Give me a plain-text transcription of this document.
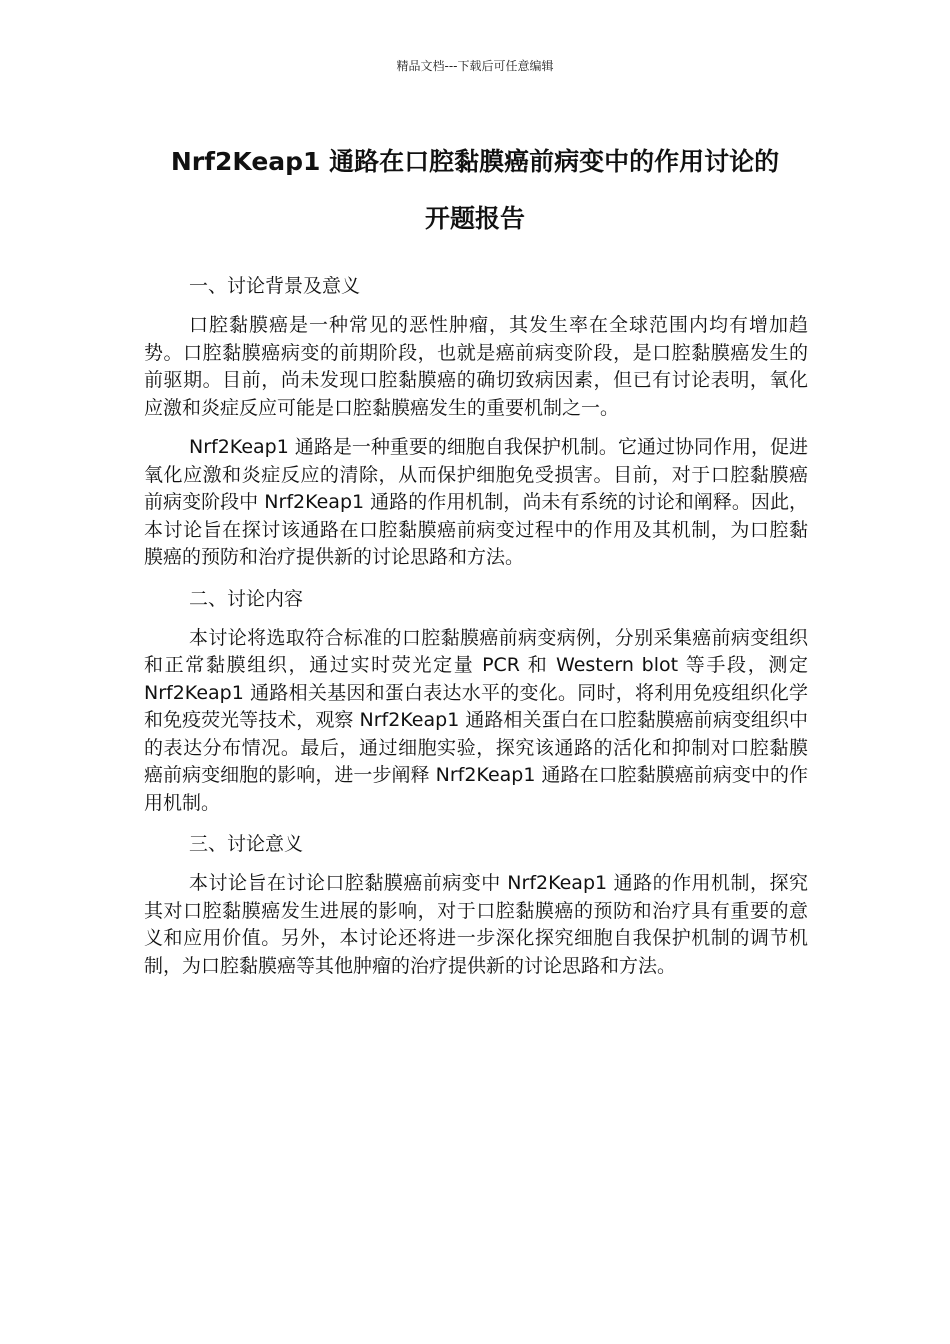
精品文档---下载后可任意编辑
Nrf2Keap1 通路在口腔黏膜癌前病变中的作用讨论的
开题报告

一、讨论背景及意义

口腔黏膜癌是一种常见的恶性肿瘤，其发生率在全球范围内均有增加趋势。口腔黏膜癌病变的前期阶段，也就是癌前病变阶段，是口腔黏膜癌发生的前驱期。目前，尚未发现口腔黏膜癌的确切致病因素，但已有讨论表明，氧化应激和炎症反应可能是口腔黏膜癌发生的重要机制之一。

Nrf2Keap1 通路是一种重要的细胞自我保护机制。它通过协同作用，促进氧化应激和炎症反应的清除，从而保护细胞免受损害。目前，对于口腔黏膜癌前病变阶段中 Nrf2Keap1 通路的作用机制，尚未有系统的讨论和阐释。因此，本讨论旨在探讨该通路在口腔黏膜癌前病变过程中的作用及其机制，为口腔黏膜癌的预防和治疗提供新的讨论思路和方法。

二、讨论内容

本讨论将选取符合标准的口腔黏膜癌前病变病例，分别采集癌前病变组织和正常黏膜组织，通过实时荧光定量 PCR 和 Western blot 等手段，测定 Nrf2Keap1 通路相关基因和蛋白表达水平的变化。同时，将利用免疫组织化学和免疫荧光等技术，观察 Nrf2Keap1 通路相关蛋白在口腔黏膜癌前病变组织中的表达分布情况。最后，通过细胞实验，探究该通路的活化和抑制对口腔黏膜癌前病变细胞的影响，进一步阐释 Nrf2Keap1 通路在口腔黏膜癌前病变中的作用机制。

三、讨论意义

本讨论旨在讨论口腔黏膜癌前病变中 Nrf2Keap1 通路的作用机制，探究其对口腔黏膜癌发生进展的影响，对于口腔黏膜癌的预防和治疗具有重要的意义和应用价值。另外，本讨论还将进一步深化探究细胞自我保护机制的调节机制，为口腔黏膜癌等其他肿瘤的治疗提供新的讨论思路和方法。
